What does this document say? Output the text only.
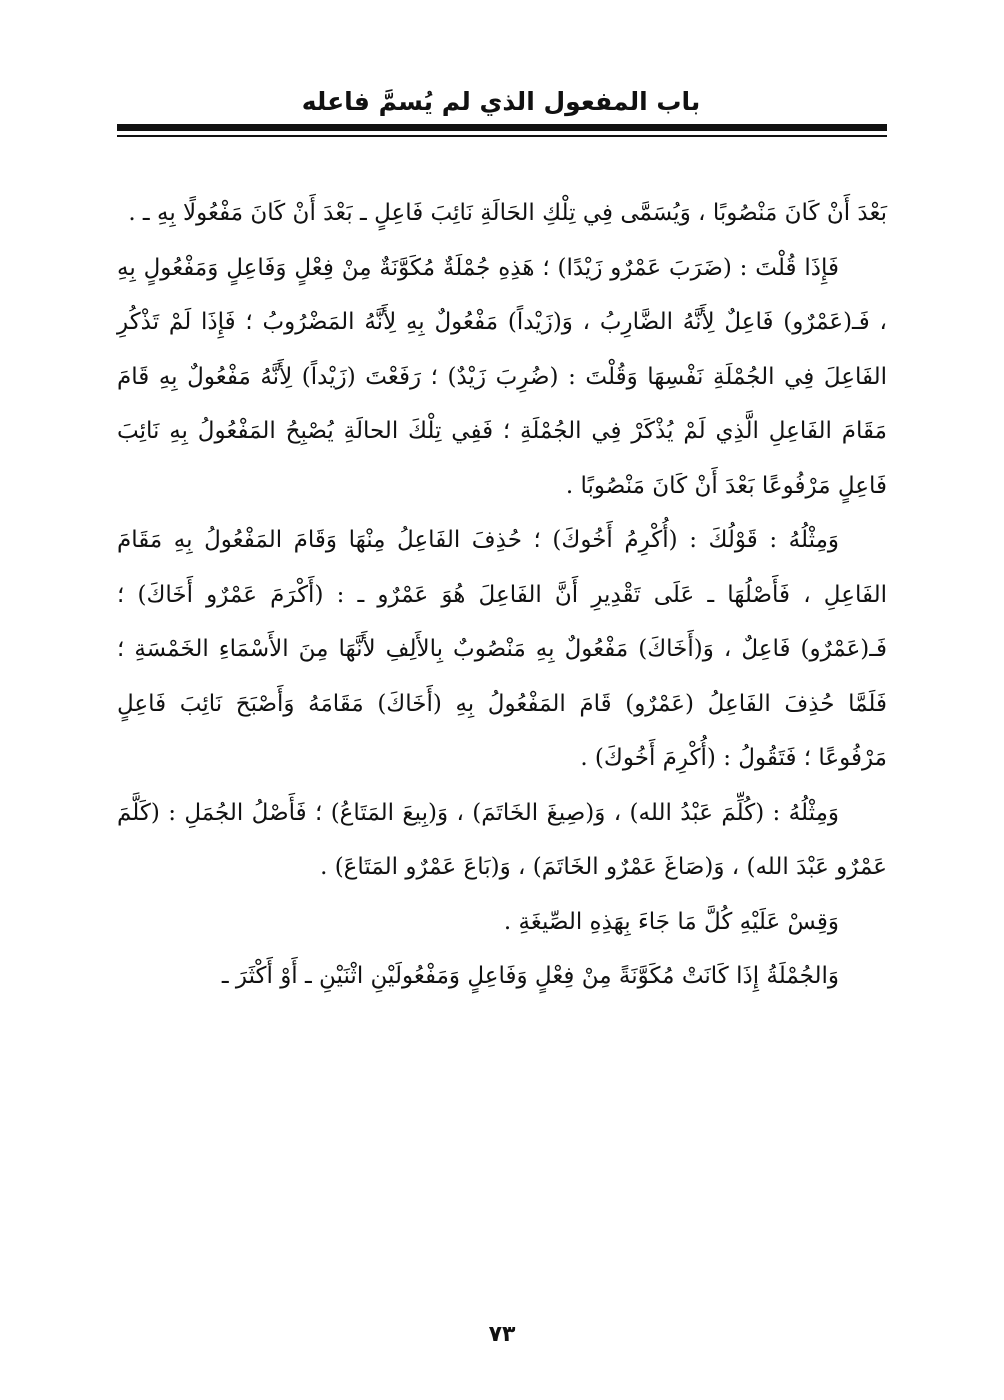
باب المفعول الذي لم يُسمَّ فاعله

بَعْدَ أَنْ كَانَ مَنْصُوبًا ، وَيُسَمَّى فِي تِلْكِ الحَالَةِ نَائِبَ فَاعِلٍ ـ بَعْدَ أَنْ كَانَ مَفْعُولًا بِهِ ـ .

فَإِذَا قُلْتَ : (ضَرَبَ عَمْرٌو زَيْدًا) ؛ هَذِهِ جُمْلَةٌ مُكَوَّنَةٌ مِنْ فِعْلٍ وَفَاعِلٍ وَمَفْعُولٍ بِهِ ، فَـ(عَمْرٌو) فَاعِلٌ لِأَنَّهُ الضَّارِبُ ، وَ(زَيْداً) مَفْعُولٌ بِهِ لِأَنَّهُ المَضْرُوبُ ؛ فَإِذَا لَمْ تَذْكُرِ الفَاعِلَ فِي الجُمْلَةِ نَفْسِهَا وَقُلْتَ : (ضُرِبَ زَيْدٌ) ؛ رَفَعْتَ (زَيْداً) لِأَنَّهُ مَفْعُولٌ بِهِ قَامَ مَقَامَ الفَاعِلِ الَّذِي لَمْ يُذْكَرْ فِي الجُمْلَةِ ؛ فَفِي تِلْكَ الحالَةِ يُصْبِحُ المَفْعُولُ بِهِ نَائِبَ فَاعِلٍ مَرْفُوعًا بَعْدَ أَنْ كَانَ مَنْصُوبًا .

وَمِثْلُهُ : قَوْلُكَ : (أُكْرِمُ أَخُوكَ) ؛ حُذِفَ الفَاعِلُ مِنْهَا وَقَامَ المَفْعُولُ بِهِ مَقَامَ الفَاعِلِ ، فَأَصْلُهَا ـ عَلَى تَقْدِيرِ أَنَّ الفَاعِلَ هُوَ عَمْرٌو ـ : (أَكْرَمَ عَمْرٌو أَخَاكَ) ؛ فَـ(عَمْرٌو) فَاعِلٌ ، وَ(أَخَاكَ) مَفْعُولٌ بِهِ مَنْصُوبٌ بِالأَلِفِ لأَنَّهَا مِنَ الأَسْمَاءِ الخَمْسَةِ ؛ فَلَمَّا حُذِفَ الفَاعِلُ (عَمْرٌو) قَامَ المَفْعُولُ بِهِ (أَخَاكَ) مَقَامَهُ وَأَصْبَحَ نَائِبَ فَاعِلٍ مَرْفُوعًا ؛ فَتَقُولُ : (أُكْرِمَ أَخُوكَ) .

وَمِثْلُهُ : (كُلِّمَ عَبْدُ الله) ، وَ(صِيغَ الخَاتَمَ) ، وَ(بِيعَ المَتَاعُ) ؛ فَأَصْلُ الجُمَلِ : (كَلَّمَ عَمْرٌو عَبْدَ الله) ، وَ(صَاغَ عَمْرٌو الخَاتَمَ) ، وَ(بَاعَ عَمْرٌو المَتَاعَ) .

وَقِسْ عَلَيْهِ كُلَّ مَا جَاءَ بِهَذِهِ الصِّيغَةِ .

وَالجُمْلَةُ إِذَا كَانَتْ مُكَوَّنَةً مِنْ فِعْلٍ وَفَاعِلٍ وَمَفْعُولَيْنِ اثْنَيْنِ ـ أَوْ أَكْثَرَ ـ

٧٣
